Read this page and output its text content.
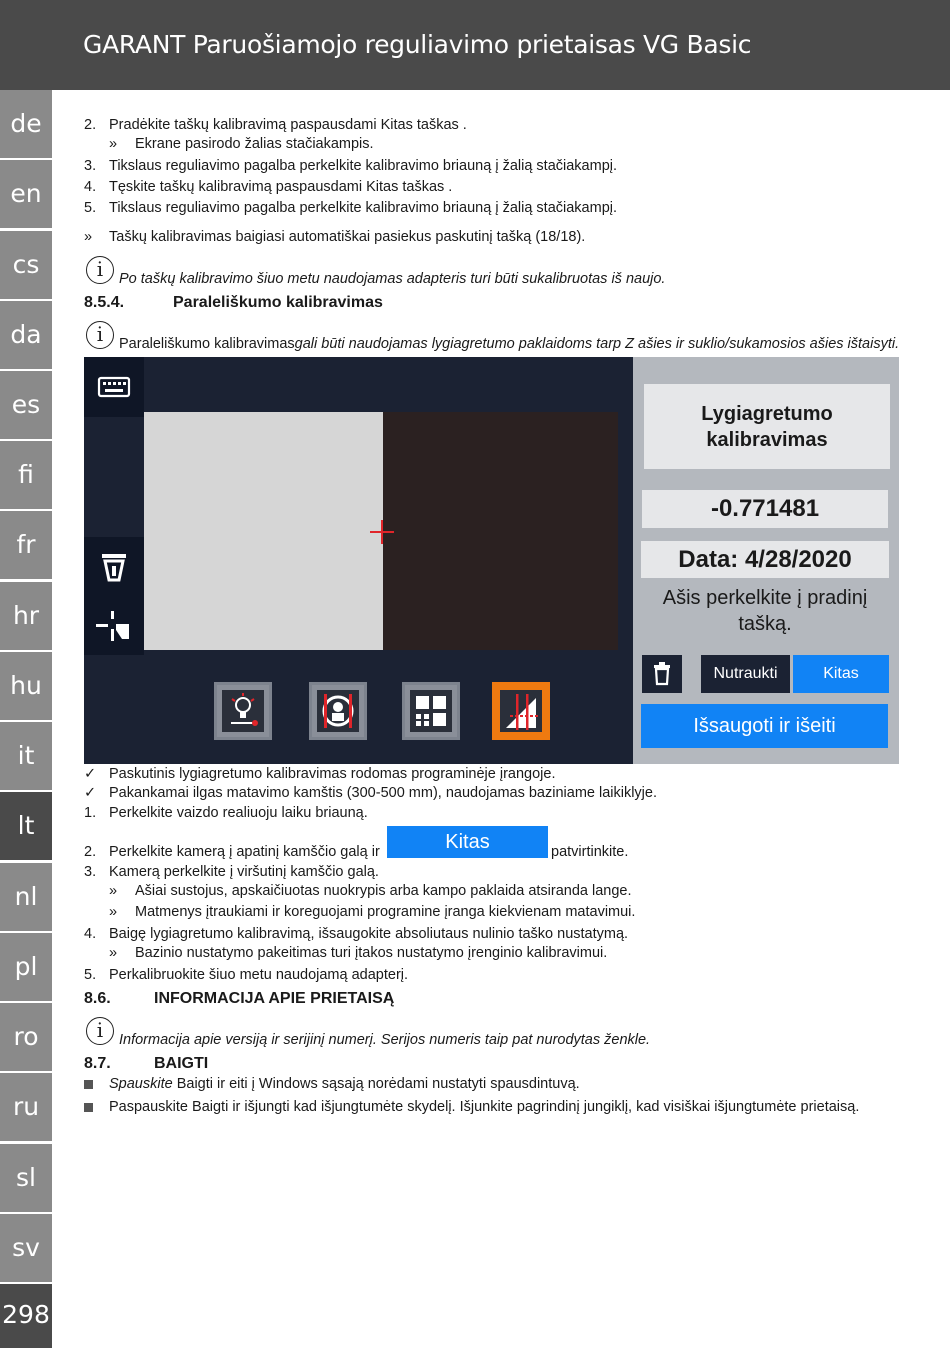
GARANT Paruošiamojo reguliavimo prietaisas VG Basic
de
en
cs
da
es
fi
fr
hr
hu
it
lt
nl
pl
ro
ru
sl
sv
298
2. Pradėkite taškų kalibravimą paspausdami Kitas taškas .
» Ekrane pasirodo žalias stačiakampis.
3. Tikslaus reguliavimo pagalba perkelkite kalibravimo briauną į žalią stačiakampį.
4. Tęskite taškų kalibravimą paspausdami Kitas taškas .
5. Tikslaus reguliavimo pagalba perkelkite kalibravimo briauną į žalią stačiakampį.
» Taškų kalibravimas baigiasi automatiškai pasiekus paskutinį tašką (18/18).
i	Po taškų kalibravimo šiuo metu naudojamas adapteris turi būti sukalibruotas iš naujo.
8.5.4.	Paraleliškumo kalibravimas
i	Paraleliškumo kalibravimasgali būti naudojamas lygiagretumo paklaidoms tarp Z ašies ir suklio/sukamosios ašies ištaisyti.
Lygiagretumo kalibravimas
-0.771481
Data: 4/28/2020
Ašis perkelkite į pradinį tašką.
Nutraukti	Kitas
Išsaugoti ir išeiti
✓ Paskutinis lygiagretumo kalibravimas rodomas programinėje įrangoje.
✓ Pakankamai ilgas matavimo kamštis (300-500 mm), naudojamas baziniame laikiklyje.
1. Perkelkite vaizdo realiuoju laiku briauną.
2. Perkelkite kamerą į apatinį kamščio galą ir	Kitas	patvirtinkite.
3. Kamerą perkelkite į viršutinį kamščio galą.
» Ašiai sustojus, apskaičiuotas nuokrypis arba kampo paklaida atsiranda lange.
» Matmenys įtraukiami ir koreguojami programine įranga kiekvienam matavimui.
4. Baigę lygiagretumo kalibravimą, išsaugokite absoliutaus nulinio taško nustatymą.
» Bazinio nustatymo pakeitimas turi įtakos nustatymo įrenginio kalibravimui.
5. Perkalibruokite šiuo metu naudojamą adapterį.
8.6.	INFORMACIJA APIE PRIETAISĄ
i	Informacija apie versiją ir serijinį numerį. Serijos numeris taip pat nurodytas ženkle.
8.7.	BAIGTI
Spauskite Baigti ir eiti į Windows sąsają norėdami nustatyti spausdintuvą.
Paspauskite Baigti ir išjungti kad išjungtumėte skydelį. Išjunkite pagrindinį jungiklį, kad visiškai išjungtumėte prietaisą.
